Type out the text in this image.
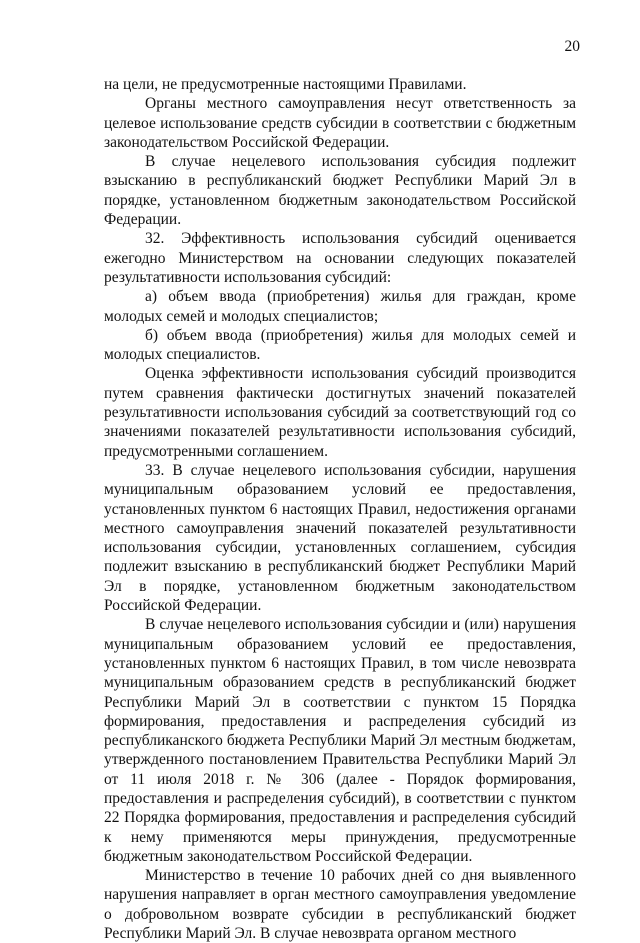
20

на цели, не предусмотренные настоящими Правилами.

Органы местного самоуправления несут ответственность за целевое использование средств субсидии в соответствии с бюджетным законодательством Российской Федерации.

В случае нецелевого использования субсидия подлежит взысканию в республиканский бюджет Республики Марий Эл в порядке, установленном бюджетным законодательством Российской Федерации.

32. Эффективность использования субсидий оценивается ежегодно Министерством на основании следующих показателей результативности использования субсидий:

а) объем ввода (приобретения) жилья для граждан, кроме молодых семей и молодых специалистов;

б) объем ввода (приобретения) жилья для молодых семей и молодых специалистов.

Оценка эффективности использования субсидий производится путем сравнения фактически достигнутых значений показателей результативности использования субсидий за соответствующий год со значениями показателей результативности использования субсидий, предусмотренными соглашением.

33. В случае нецелевого использования субсидии, нарушения муниципальным образованием условий ее предоставления, установленных пунктом 6 настоящих Правил, недостижения органами местного самоуправления значений показателей результативности использования субсидии, установленных соглашением, субсидия подлежит взысканию в республиканский бюджет Республики Марий Эл в порядке, установленном бюджетным законодательством Российской Федерации.

В случае нецелевого использования субсидии и (или) нарушения муниципальным образованием условий ее предоставления, установленных пунктом 6 настоящих Правил, в том числе невозврата муниципальным образованием средств в республиканский бюджет Республики Марий Эл в соответствии с пунктом 15 Порядка формирования, предоставления и распределения субсидий из республиканского бюджета Республики Марий Эл местным бюджетам, утвержденного постановлением Правительства Республики Марий Эл от 11 июля 2018 г. № 306 (далее - Порядок формирования, предоставления и распределения субсидий), в соответствии с пунктом 22 Порядка формирования, предоставления и распределения субсидий к нему применяются меры принуждения, предусмотренные бюджетным законодательством Российской Федерации.

Министерство в течение 10 рабочих дней со дня выявленного нарушения направляет в орган местного самоуправления уведомление о добровольном возврате субсидии в республиканский бюджет Республики Марий Эл. В случае невозврата органом местного
